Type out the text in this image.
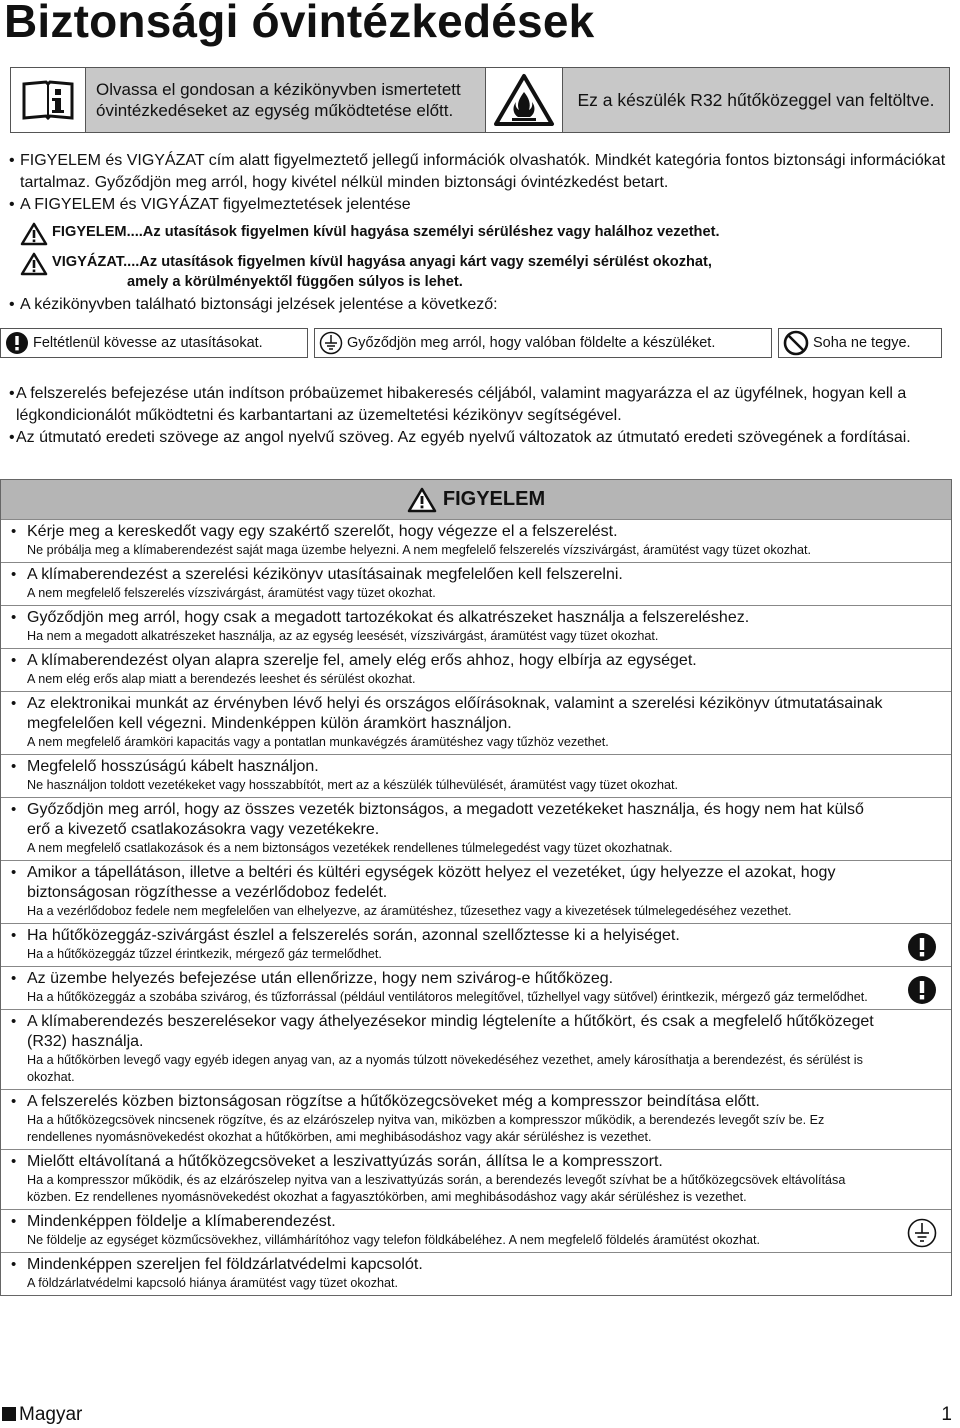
Biztonsági óvintézkedések
Olvassa el gondosan a kézikönyvben ismertetett óvintézkedéseket az egység működtetése előtt.
Ez a készülék R32 hűtőközeggel van feltöltve.
• FIGYELEM és VIGYÁZAT cím alatt figyelmeztető jellegű információk olvashatók. Mindkét kategória fontos biztonsági információkat tartalmaz. Győződjön meg arról, hogy kivétel nélkül minden biztonsági óvintézkedést betart.
• A FIGYELEM és VIGYÁZAT figyelmeztetések jelentése
FIGYELEM....Az utasítások figyelmen kívül hagyása személyi sérüléshez vagy halálhoz vezethet.
VIGYÁZAT....Az utasítások figyelmen kívül hagyása anyagi kárt vagy személyi sérülést okozhat,
amely a körülményektől függően súlyos is lehet.
• A kézikönyvben található biztonsági jelzések jelentése a következő:
Feltétlenül kövesse az utasításokat.	Győződjön meg arról, hogy valóban földelte a készüléket.	Soha ne tegye.
• A felszerelés befejezése után indítson próbaüzemet hibakeresés céljából, valamint magyarázza el az ügyfélnek, hogyan kell a légkondicionálót működtetni és karbantartani az üzemeltetési kézikönyv segítségével.
• Az útmutató eredeti szövege az angol nyelvű szöveg. Az egyéb nyelvű változatok az útmutató eredeti szövegének a fordításai.
FIGYELEM
• Kérje meg a kereskedőt vagy egy szakértő szerelőt, hogy végezze el a felszerelést.
Ne próbálja meg a klímaberendezést saját maga üzembe helyezni. A nem megfelelő felszerelés vízszivárgást, áramütést vagy tüzet okozhat.
• A klímaberendezést a szerelési kézikönyv utasításainak megfelelően kell felszerelni.
A nem megfelelő felszerelés vízszivárgást, áramütést vagy tüzet okozhat.
• Győződjön meg arról, hogy csak a megadott tartozékokat és alkatrészeket használja a felszereléshez.
Ha nem a megadott alkatrészeket használja, az az egység leesését, vízszivárgást, áramütést vagy tüzet okozhat.
• A klímaberendezést olyan alapra szerelje fel, amely elég erős ahhoz, hogy elbírja az egységet.
A nem elég erős alap miatt a berendezés leeshet és sérülést okozhat.
• Az elektronikai munkát az érvényben lévő helyi és országos előírásoknak, valamint a szerelési kézikönyv útmutatásainak megfelelően kell végezni. Mindenképpen külön áramkört használjon.
A nem megfelelő áramköri kapacitás vagy a pontatlan munkavégzés áramütéshez vagy tűzhöz vezethet.
• Megfelelő hosszúságú kábelt használjon.
Ne használjon toldott vezetékeket vagy hosszabbítót, mert az a készülék túlhevülését, áramütést vagy tüzet okozhat.
• Győződjön meg arról, hogy az összes vezeték biztonságos, a megadott vezetékeket használja, és hogy nem hat külső erő a kivezető csatlakozásokra vagy vezetékekre.
A nem megfelelő csatlakozások és a nem biztonságos vezetékek rendellenes túlmelegedést vagy tüzet okozhatnak.
• Amikor a tápellátáson, illetve a beltéri és kültéri egységek között helyez el vezetéket, úgy helyezze el azokat, hogy biztonságosan rögzíthesse a vezérlődoboz fedelét.
Ha a vezérlődoboz fedele nem megfelelően van elhelyezve, az áramütéshez, tűzesethez vagy a kivezetések túlmelegedéséhez vezethet.
• Ha hűtőközeggáz-szivárgást észlel a felszerelés során, azonnal szellőztesse ki a helyiséget.
Ha a hűtőközeggáz tűzzel érintkezik, mérgező gáz termelődhet.
• Az üzembe helyezés befejezése után ellenőrizze, hogy nem szivárog-e hűtőközeg.
Ha a hűtőközeggáz a szobába szivárog, és tűzforrással (például ventilátoros melegítővel, tűzhellyel vagy sütővel) érintkezik, mérgező gáz termelődhet.
• A klímaberendezés beszerelésekor vagy áthelyezésekor mindig légteleníte a hűtőkört, és csak a megfelelő hűtőközeget (R32) használja.
Ha a hűtőkörben levegő vagy egyéb idegen anyag van, az a nyomás túlzott növekedéséhez vezethet, amely károsíthatja a berendezést, és sérülést is okozhat.
• A felszerelés közben biztonságosan rögzítse a hűtőközegcsöveket még a kompresszor beindítása előtt.
Ha a hűtőközegcsövek nincsenek rögzítve, és az elzárószelep nyitva van, miközben a kompresszor működik, a berendezés levegőt szív be. Ez rendellenes nyomásnövekedést okozhat a hűtőkörben, ami meghibásodáshoz vagy akár sérüléshez is vezethet.
• Mielőtt eltávolítaná a hűtőközegcsöveket a leszivattyúzás során, állítsa le a kompresszort.
Ha a kompresszor működik, és az elzárószelep nyitva van a leszivattyúzás során, a berendezés levegőt szívhat be a hűtőközegcsövek eltávolítása közben. Ez rendellenes nyomásnövekedést okozhat a fagyasztókörben, ami meghibásodáshoz vagy akár sérüléshez is vezethet.
• Mindenképpen földelje a klímaberendezést.
Ne földelje az egységet közműcsövekhez, villámhárítóhoz vagy telefon földkábeléhez. A nem megfelelő földelés áramütést okozhat.
• Mindenképpen szereljen fel földzárlatvédelmi kapcsolót.
A földzárlatvédelmi kapcsoló hiánya áramütést vagy tüzet okozhat.
Magyar	1
